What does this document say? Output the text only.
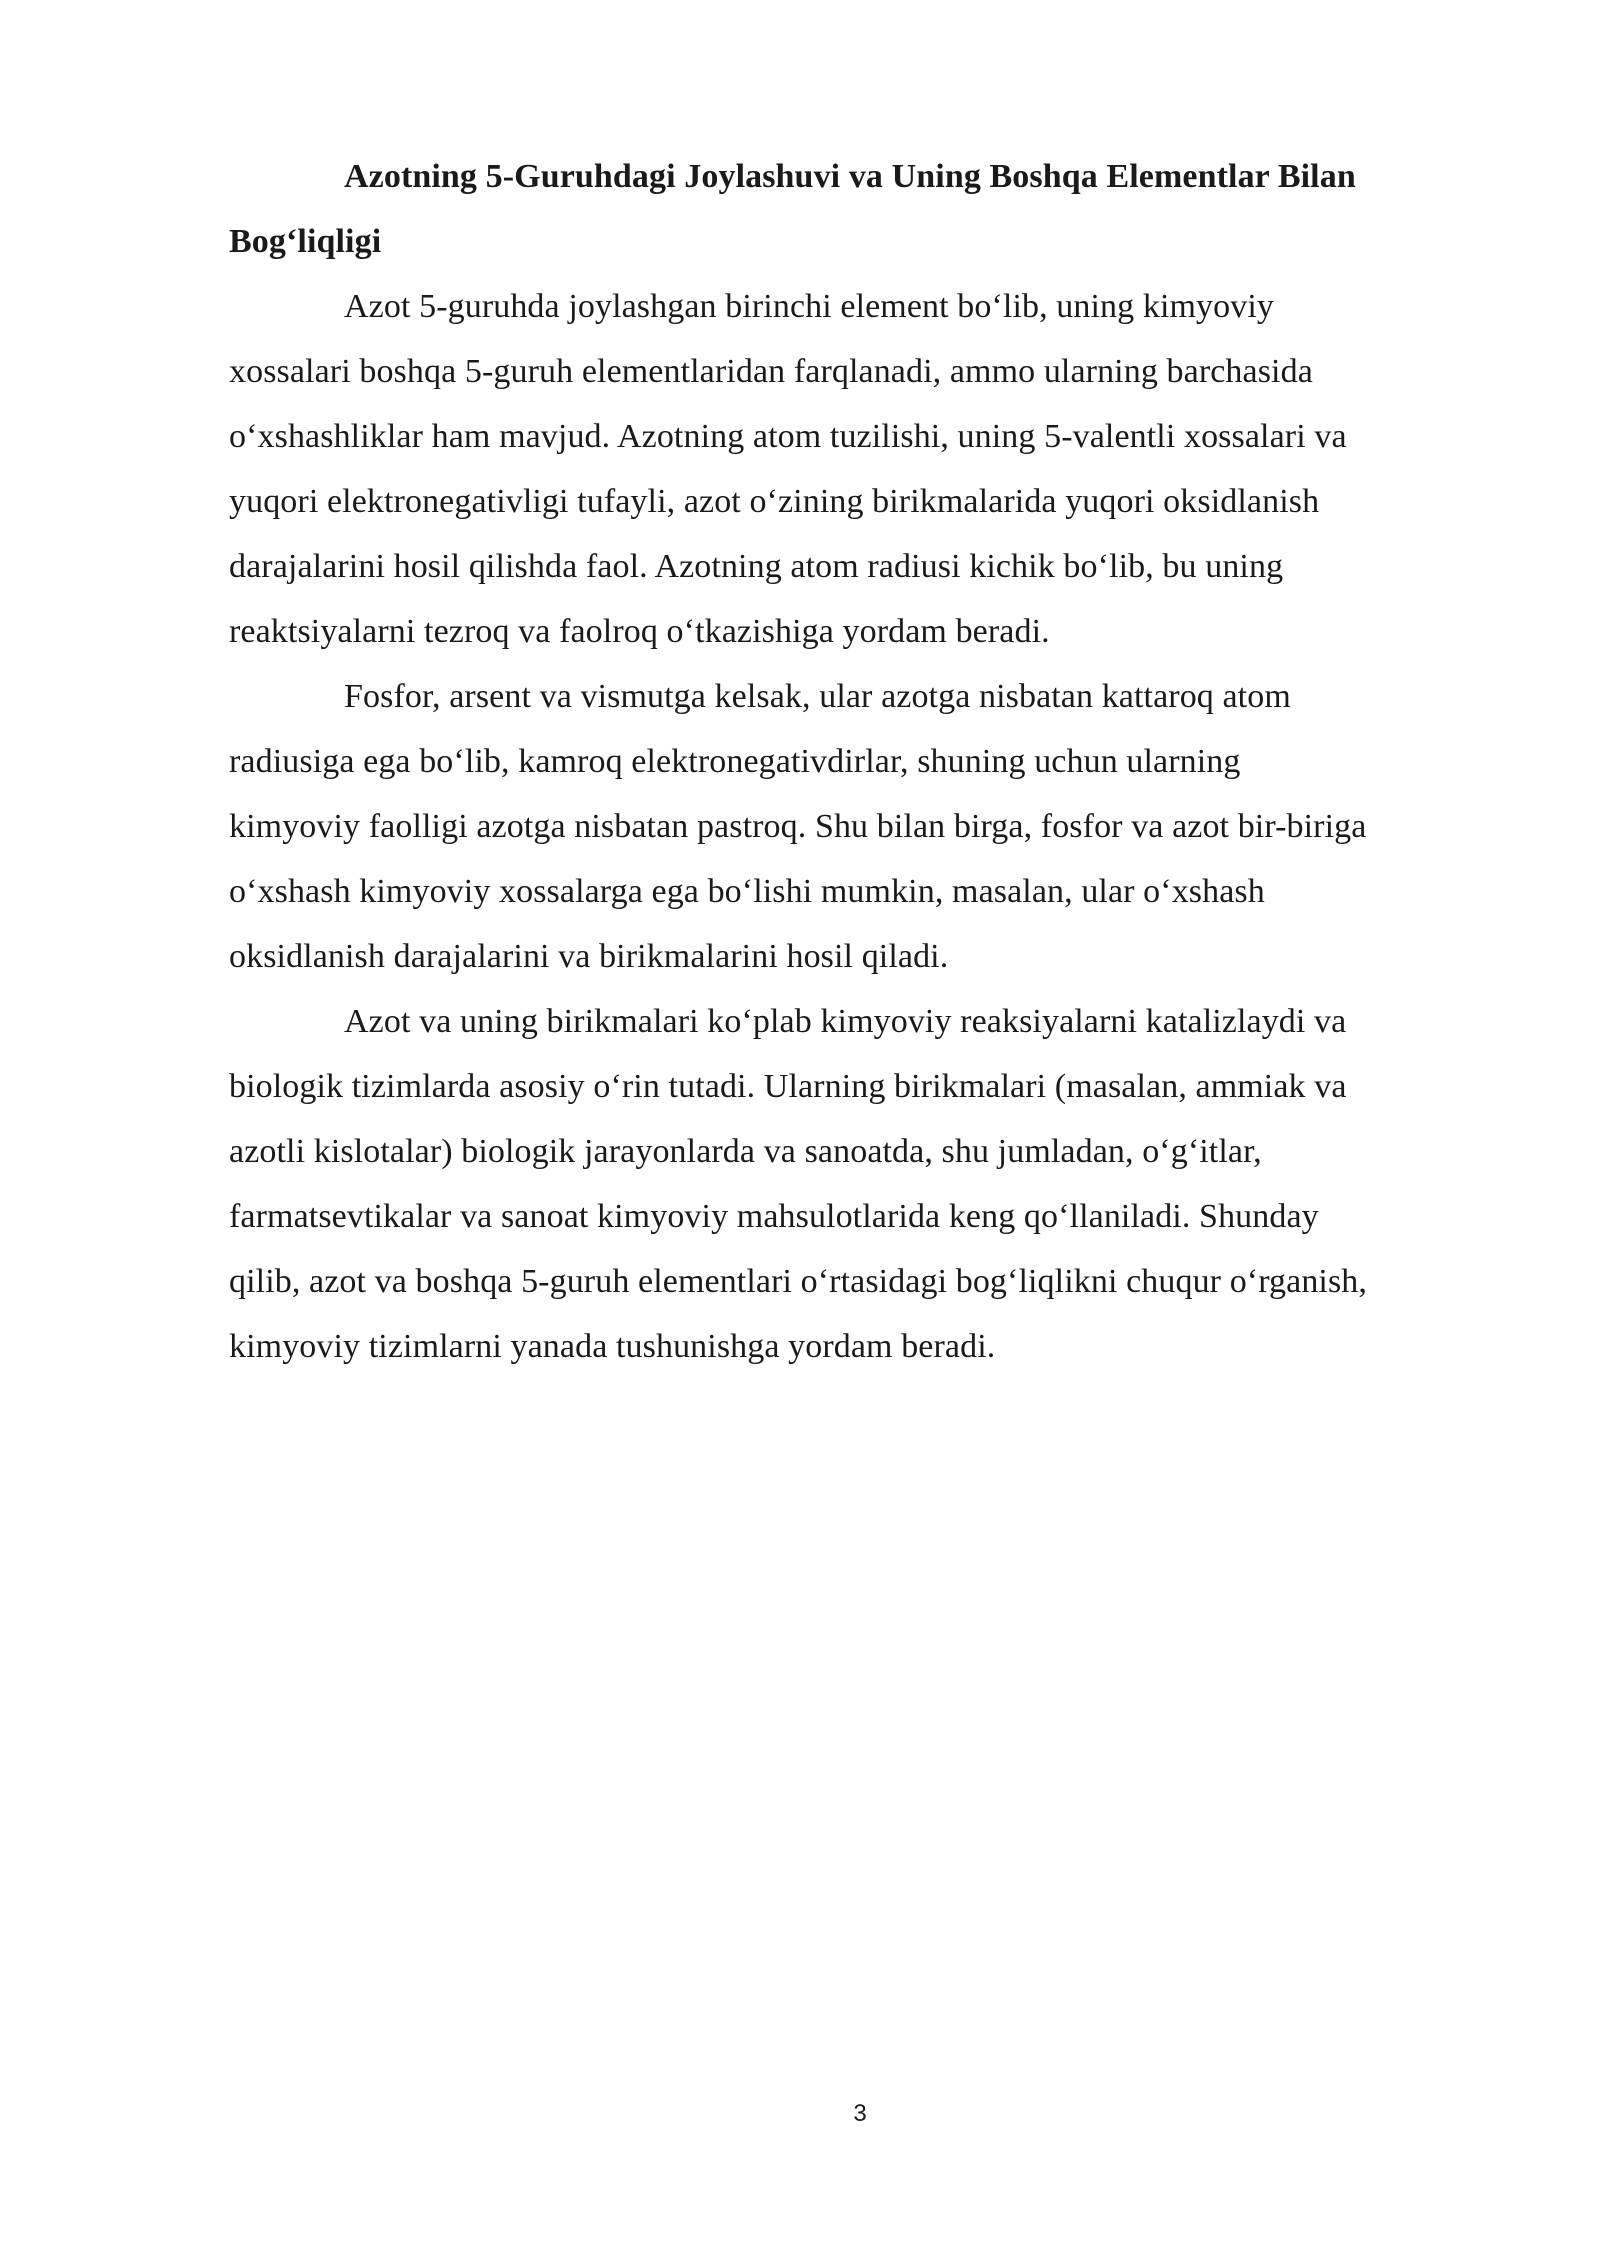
Azotning 5-Guruhdagi Joylashuvi va Uning Boshqa Elementlar Bilan
Bog‘liqligi
Azot 5-guruhda joylashgan birinchi element bo‘lib, uning kimyoviy
xossalari boshqa 5-guruh elementlaridan farqlanadi, ammo ularning barchasida
o‘xshashliklar ham mavjud. Azotning atom tuzilishi, uning 5-valentli xossalari va
yuqori elektronegativligi tufayli, azot o‘zining birikmalarida yuqori oksidlanish
darajalarini hosil qilishda faol. Azotning atom radiusi kichik bo‘lib, bu uning
reaktsiyalarni tezroq va faolroq o‘tkazishiga yordam beradi.
Fosfor, arsent va vismutga kelsak, ular azotga nisbatan kattaroq atom
radiusiga ega bo‘lib, kamroq elektronegativdirlar, shuning uchun ularning
kimyoviy faolligi azotga nisbatan pastroq. Shu bilan birga, fosfor va azot bir-biriga
o‘xshash kimyoviy xossalarga ega bo‘lishi mumkin, masalan, ular o‘xshash
oksidlanish darajalarini va birikmalarini hosil qiladi.
Azot va uning birikmalari ko‘plab kimyoviy reaksiyalarni katalizlaydi va
biologik tizimlarda asosiy o‘rin tutadi. Ularning birikmalari (masalan, ammiak va
azotli kislotalar) biologik jarayonlarda va sanoatda, shu jumladan, o‘g‘itlar,
farmatsevtikalar va sanoat kimyoviy mahsulotlarida keng qo‘llaniladi. Shunday
qilib, azot va boshqa 5-guruh elementlari o‘rtasidagi bog‘liqlikni chuqur o‘rganish,
kimyoviy tizimlarni yanada tushunishga yordam beradi.
3
